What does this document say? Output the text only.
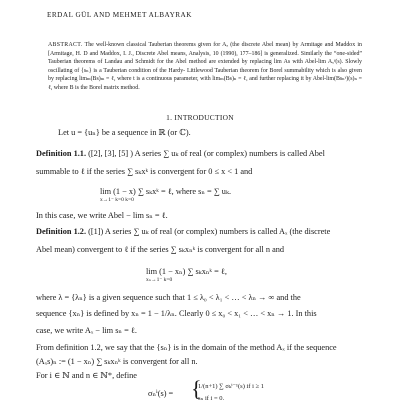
ERDAL GÜL AND MEHMET ALBAYRAK
ABSTRACT. The well-known classical Tauberian theorems given for Aₓ (the discrete Abel mean) by Armitage and Maddox in [Armitage, H. D and Maddox, I. J., Discrete Abel means, Analysis, 10 (1990), 177–186] is generalized. Similarly the “one-sided” Tauberian theorems of Landau and Schmidt for the Abel method are extended by replacing lim As with Abel-lim Aₓᵞ(s). Slowly oscillating of {sₙ} is a Tauberian condition of the Hardy- Littlewood Tauberian theorem for Borel summability which is also given by replacing limₘ(Bs)ₘ = ℓ, where t is a continuous parameter, with limₘ(Bs)ₙ = ℓ, and further replacing it by Abel-lim(Bsₙᵞ)(s)ₙ = ℓ, where B is the Borel matrix method.
1. INTRODUCTION
Let u = {uₙ} be a sequence in ℝ (or ℂ).
Definition 1.1. ([2], [3], [5] ) A series ∑ uₖ of real (or complex) numbers is called Abel
summable to ℓ if the series ∑ sₖxᵏ is convergent for 0 ≤ x < 1 and
lim (1 − x) ∑ sₖxᵏ = ℓ, where sₙ = ∑ uₖ.
x→1⁻ k=0 k=0
In this case, we write Abel − lim sₙ = ℓ.
Definition 1.2. ([1]) A series ∑ uₖ of real (or complex) numbers is called Aₓ (the discrete
Abel mean) convergent to ℓ if the series ∑ sₖxₙᵏ is convergent for all n and
lim (1 − xₙ) ∑ sₖxₙᵏ = ℓ,
xₙ→1⁻ k=0
where λ = {λₙ} is a given sequence such that 1 ≤ λ₀ < λ₁ < … < λₙ → ∞ and the
sequence {xₙ} is defined by xₙ = 1 − 1/λₙ. Clearly 0 ≤ x₀ < x₁ < … < xₙ → 1. In this
case, we write Aₓ − lim sₙ = ℓ.
From definition 1.2, we say that the {sₙ} is in the domain of the method Aₓ if the sequence
(Aₓs)ₙ := (1 − xₙ) ∑ sₖxₙᵏ is convergent for all n.
For i ∈ ℕ and n ∈ ℕ*, define
σₙⁱ(s) =
1/(n+1) ∑ σₖⁱ⁻¹(s) if i ≥ 1
sₙ if i = 0.
{
